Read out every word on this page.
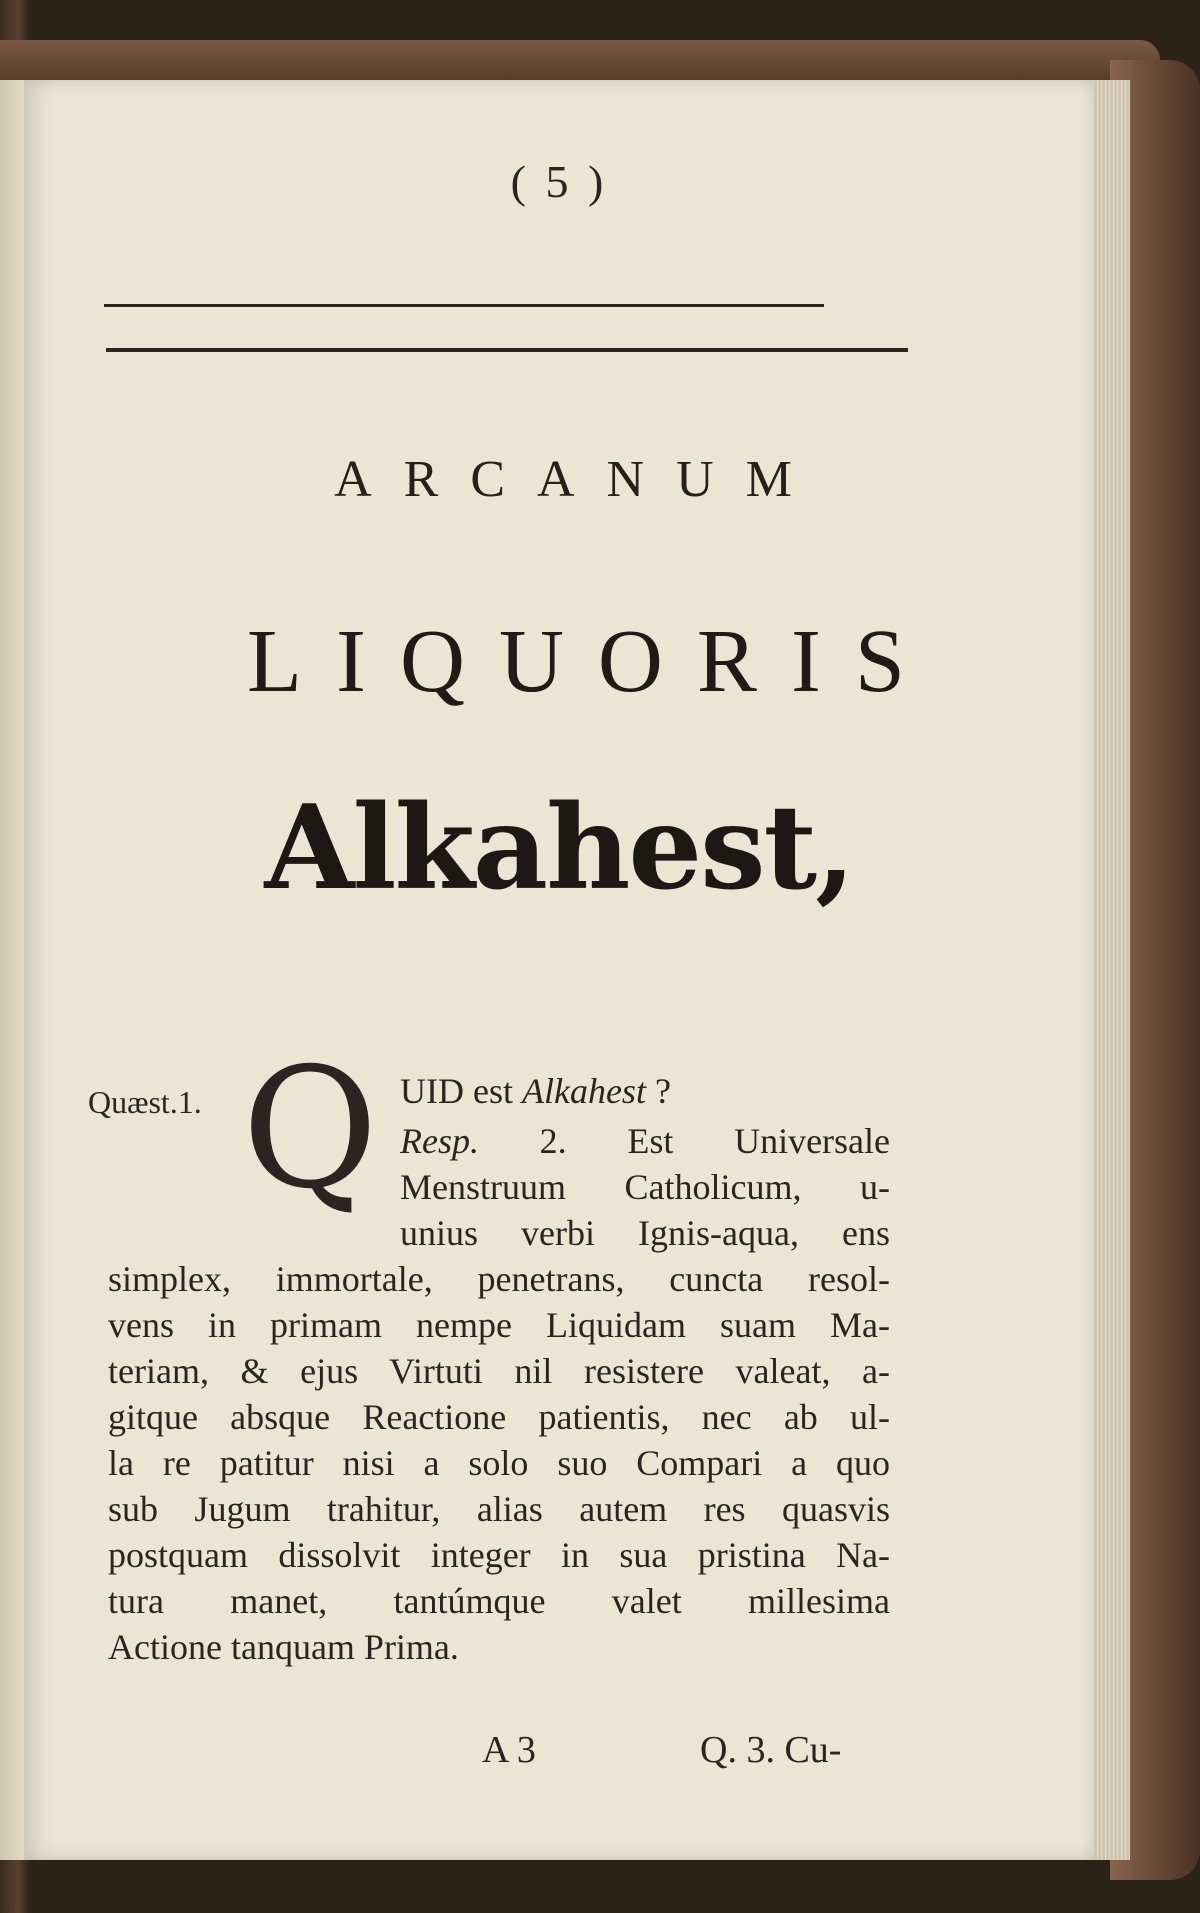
( 5 )
ARCANUM
LIQUORIS
Alkahest,
Quæst.1. Q UID est Alkahest ?
Resp. 2. Est Universale
Menstruum Catholicum, u-
unius verbi Ignis-aqua, ens
simplex, immortale, penetrans, cuncta resol-
vens in primam nempe Liquidam suam Ma-
teriam, & ejus Virtuti nil resistere valeat, a-
gitque absque Reactione patientis, nec ab ul-
la re patitur nisi a solo suo Compari a quo
sub Jugum trahitur, alias autem res quasvis
postquam dissolvit integer in sua pristina Na-
tura manet, tantúmque valet millesima
Actione tanquam Prima.
A 3	Q. 3. Cu-
